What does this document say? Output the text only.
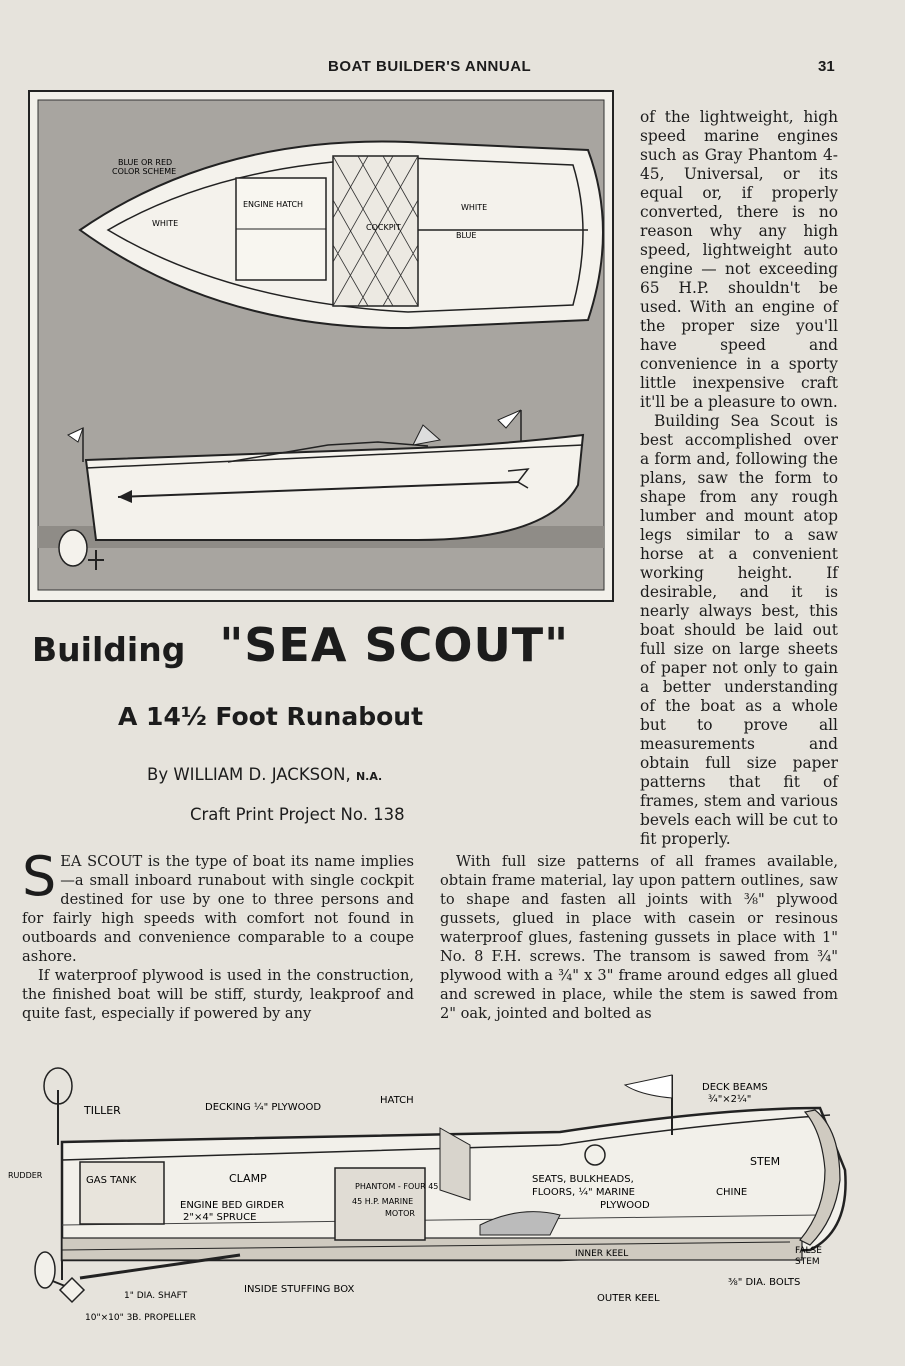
BOAT BUILDER'S ANNUAL	31
BLUE OR RED
COLOR SCHEME
ENGINE HATCH
COCKPIT
WHITE
WHITE
BLUE

of the lightweight, high speed marine engines such as Gray Phantom 4-45, Universal, or its equal or, if properly converted, there is no reason why any high speed, lightweight auto engine — not exceeding 65 H.P. shouldn't be used. With an engine of the proper size you'll have speed and convenience in a sporty little inexpensive craft it'll be a pleasure to own.

Building Sea Scout is best accomplished over a form and, following the plans, saw the form to shape from any rough lumber and mount atop legs similar to a saw horse at a convenient working height. If desirable, and it is nearly always best, this boat should be laid out full size on large sheets of paper not only to gain a better understanding of the boat as a whole but to prove all measurements and obtain full size paper patterns that fit of frames, stem and various bevels each will be cut to fit properly.

Building "SEA SCOUT"
A 14½ Foot Runabout
By WILLIAM D. JACKSON, N.A.
Craft Print Project No. 138

SEA SCOUT is the type of boat its name implies—a small inboard runabout with single cockpit destined for use by one to three persons and for fairly high speeds with comfort not found in outboards and convenience comparable to a coupe ashore.

If waterproof plywood is used in the construction, the finished boat will be stiff, sturdy, leakproof and quite fast, especially if powered by any

With full size patterns of all frames available, obtain frame material, lay upon pattern outlines, saw to shape and fasten all joints with ⅜" plywood gussets, glued in place with casein or resinous waterproof glues, fastening gussets in place with 1" No. 8 F.H. screws. The transom is sawed from ¾" plywood with a ¾" x 3" frame around edges all glued and screwed in place, while the stem is sawed from 2" oak, jointed and bolted as

TILLER	DECKING ¼" PLYWOOD
HATCH
DECK BEAMS
¾"×2¼"
RUDDER	GAS TANK	CLAMP
PHANTOM - FOUR 45
45 H.P. MARINE
MOTOR
SEATS, BULKHEADS,
FLOORS, ¼" MARINE
PLYWOOD
STEM
CHINE
ENGINE BED GIRDER
2"×4" SPRUCE
INNER KEEL	FALSE
STEM
⅜" DIA. BOLTS
1" DIA. SHAFT
INSIDE STUFFING BOX
OUTER KEEL
10"×10" 3B. PROPELLER
